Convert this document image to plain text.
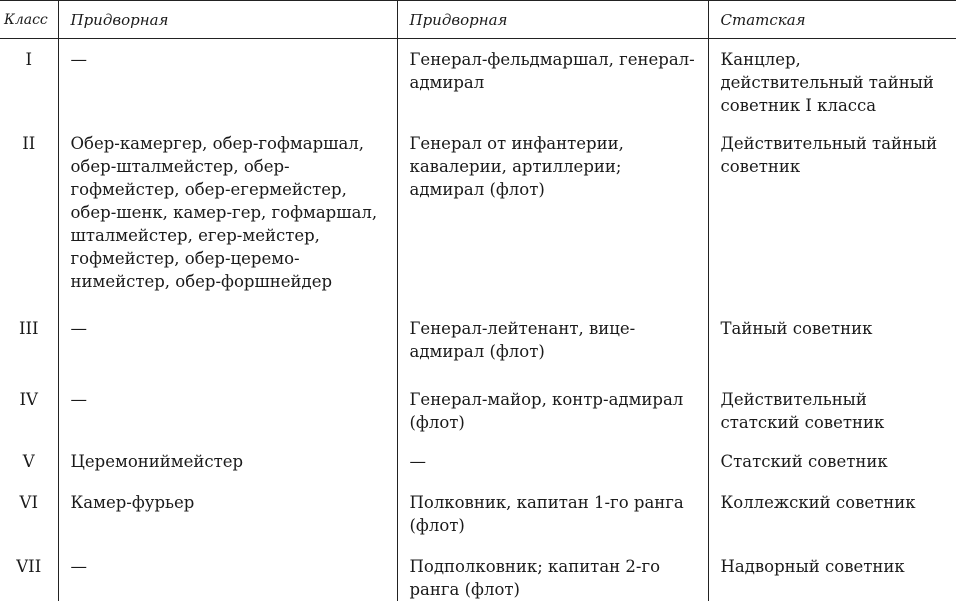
Класс	Придворная	Придворная	Статская
I	—	Генерал-фельдмаршал, генерал-адмирал	Канцлер, действительный тайный советник I класса
II	Обер-камергер, обер-гофмаршал, обер-шталмейстер, обер-гофмейстер, обер-егермейстер, обер-шенк, камер-гер, гофмаршал, шталмейстер, егер-мейстер, гофмейстер, обер-церемо-нимейстер, обер-форшнейдер	Генерал от инфантерии, кавалерии, артиллерии; адмирал (флот)	Действительный тайный советник
III	—	Генерал-лейтенант, вице-адмирал (флот)	Тайный советник
IV	—	Генерал-майор, контр-адмирал (флот)	Действительный статский советник
V	Церемониймейстер	—	Статский советник
VI	Камер-фурьер	Полковник, капитан 1-го ранга (флот)	Коллежский советник
VII	—	Подполковник; капитан 2-го ранга (флот)	Надворный советник
